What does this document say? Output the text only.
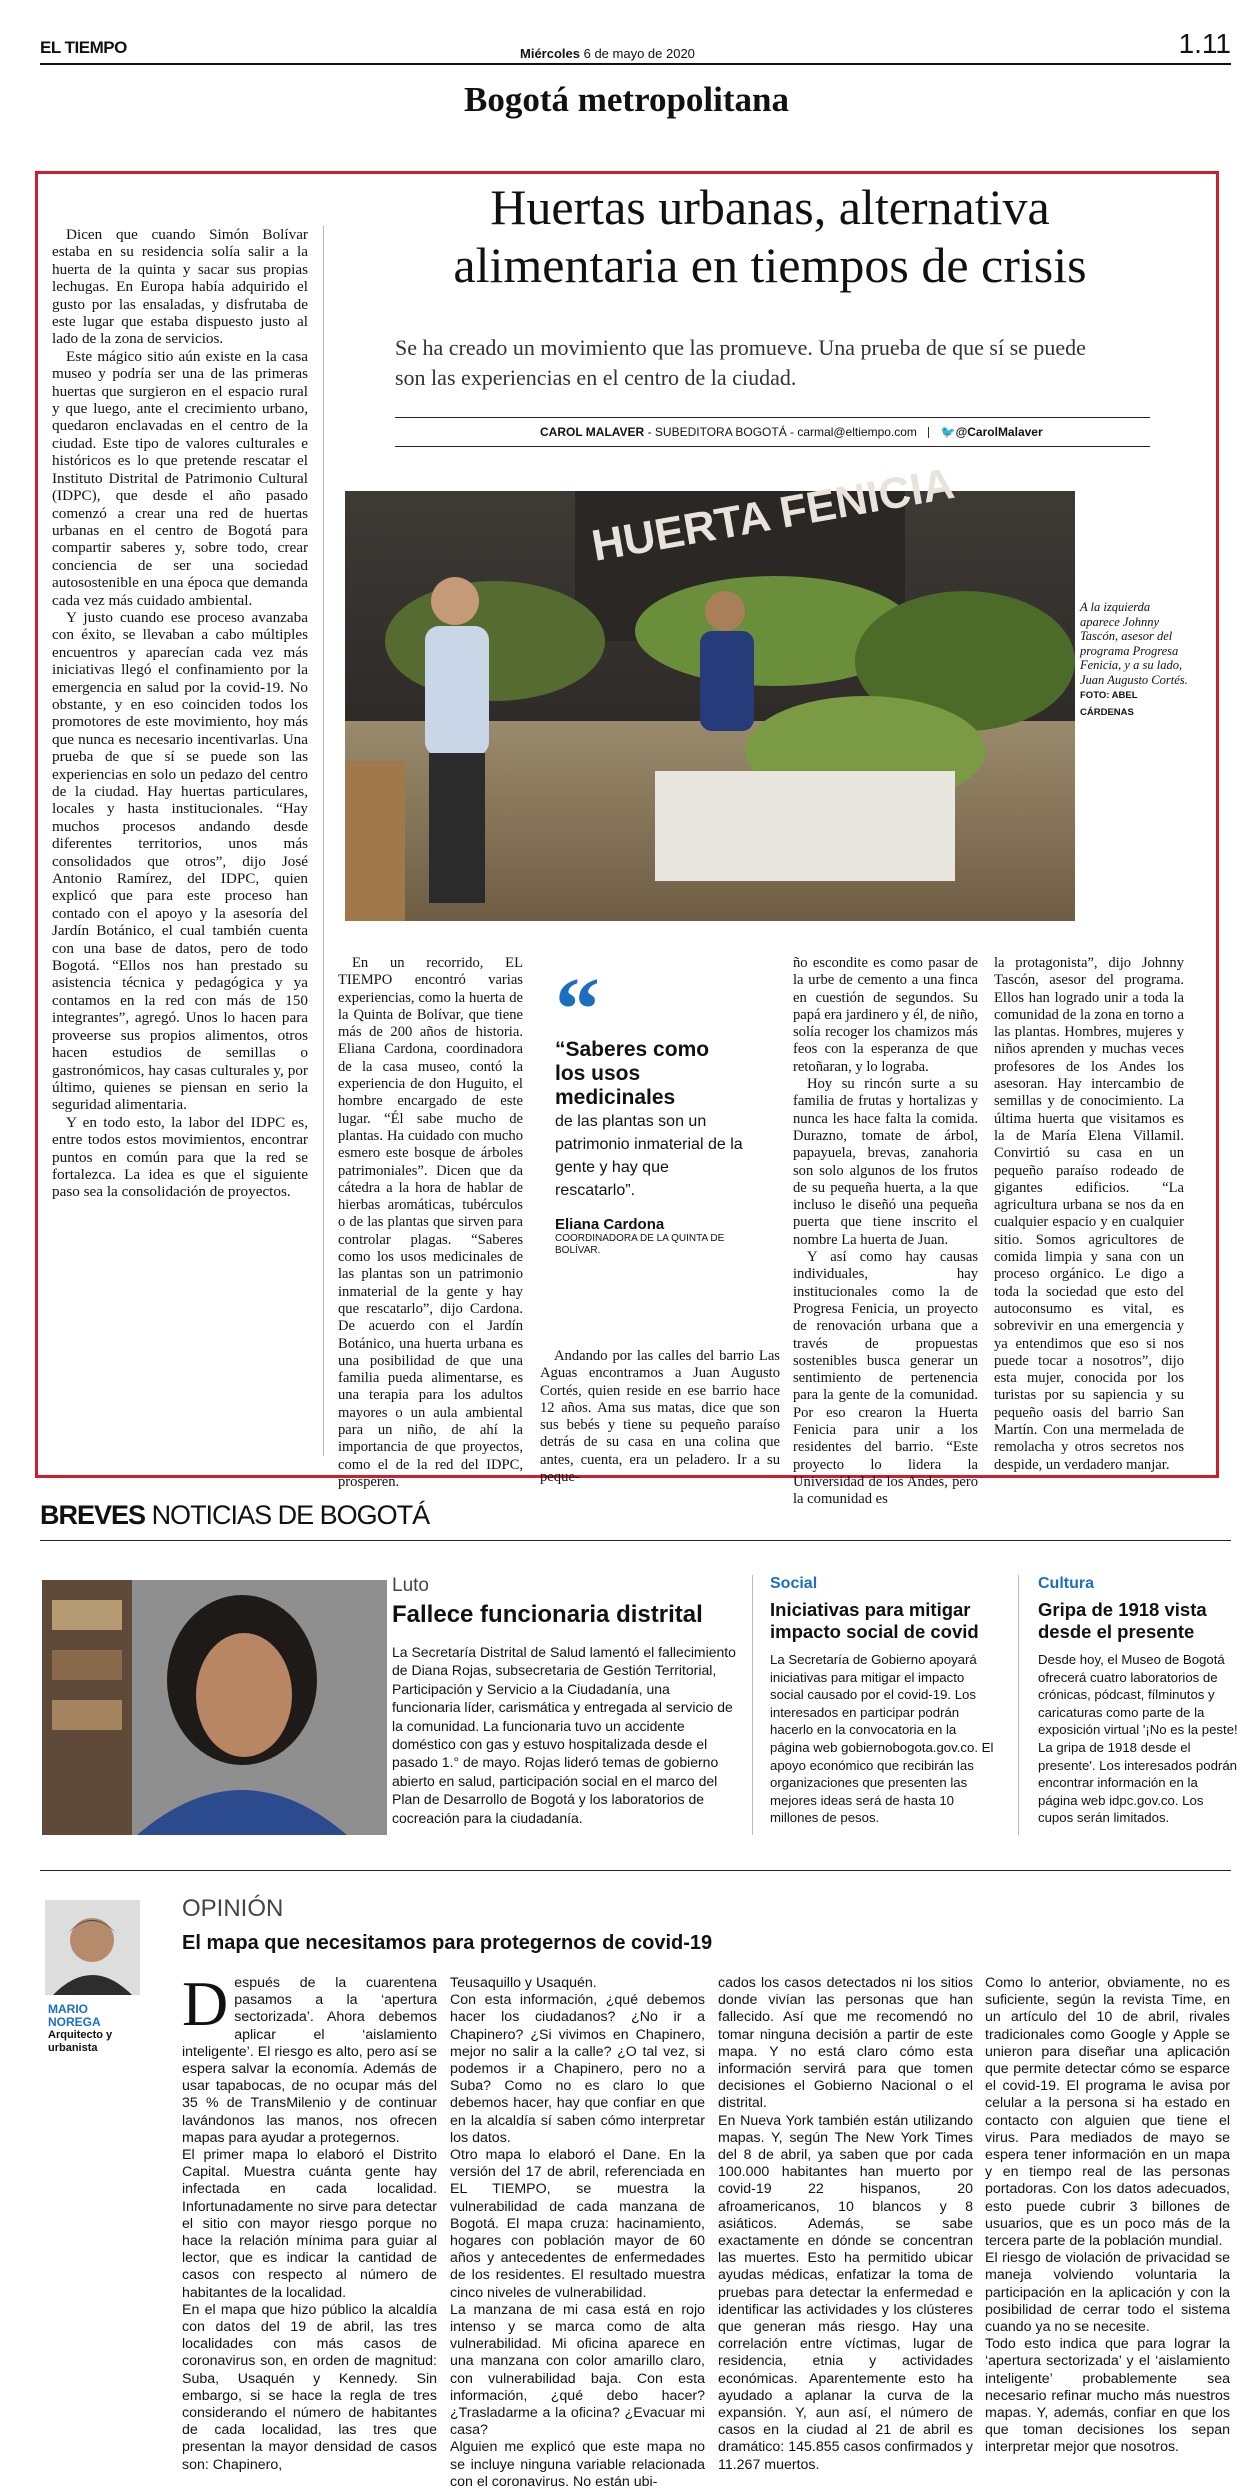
EL TIEMPO	Miércoles 6 de mayo de 2020	1.11
Bogotá metropolitana
Huertas urbanas, alternativa
alimentaria en tiempos de crisis
Se ha creado un movimiento que las promueve. Una prueba de que sí se puede son las experiencias en el centro de la ciudad.
CAROL MALAVER - SUBEDITORA BOGOTÁ - carmal@eltiempo.com 🐦@CarolMalaver
HUERTA FENICIA
A la izquierda aparece Johnny Tascón, asesor del programa Progresa Fenicia, y a su lado, Juan Augusto Cortés. FOTO: ABEL CÁRDENAS

Dicen que cuando Simón Bolívar estaba en su residencia solía salir a la huerta de la quinta y sacar sus propias lechugas. En Europa había adquirido el gusto por las ensaladas, y disfrutaba de este lugar que estaba dispuesto justo al lado de la zona de servicios.

Este mágico sitio aún existe en la casa museo y podría ser una de las primeras huertas que surgieron en el espacio rural y que luego, ante el crecimiento urbano, quedaron enclavadas en el centro de la ciudad. Este tipo de valores culturales e históricos es lo que pretende rescatar el Instituto Distrital de Patrimonio Cultural (IDPC), que desde el año pasado comenzó a crear una red de huertas urbanas en el centro de Bogotá para compartir saberes y, sobre todo, crear conciencia de ser una sociedad autosostenible en una época que demanda cada vez más cuidado ambiental.

Y justo cuando ese proceso avanzaba con éxito, se llevaban a cabo múltiples encuentros y aparecían cada vez más iniciativas llegó el confinamiento por la emergencia en salud por la covid-19. No obstante, y en eso coinciden todos los promotores de este movimiento, hoy más que nunca es necesario incentivarlas. Una prueba de que sí se puede son las experiencias en solo un pedazo del centro de la ciudad. Hay huertas particulares, locales y hasta institucionales. “Hay muchos procesos andando desde diferentes territorios, unos más consolidados que otros”, dijo José Antonio Ramírez, del IDPC, quien explicó que para este proceso han contado con el apoyo y la asesoría del Jardín Botánico, el cual también cuenta con una base de datos, pero de todo Bogotá. “Ellos nos han prestado su asistencia técnica y pedagógica y ya contamos en la red con más de 150 integrantes”, agregó. Unos lo hacen para proveerse sus propios alimentos, otros hacen estudios de semillas o gastronómicos, hay casas culturales y, por último, quienes se piensan en serio la seguridad alimentaria.

Y en todo esto, la labor del IDPC es, entre todos estos movimientos, encontrar puntos en común para que la red se fortalezca. La idea es que el siguiente paso sea la consolidación de proyectos.

En un recorrido, EL TIEMPO encontró varias experiencias, como la huerta de la Quinta de Bolívar, que tiene más de 200 años de historia. Eliana Cardona, coordinadora de la casa museo, contó la experiencia de don Huguito, el hombre encargado de este lugar. “Él sabe mucho de plantas. Ha cuidado con mucho esmero este bosque de árboles patrimoniales”. Dicen que da cátedra a la hora de hablar de hierbas aromáticas, tubérculos o de las plantas que sirven para controlar plagas. “Saberes como los usos medicinales de las plantas son un patrimonio inmaterial de la gente y hay que rescatarlo”, dijo Cardona. De acuerdo con el Jardín Botánico, una huerta urbana es una posibilidad de que una familia pueda alimentarse, es una terapia para los adultos mayores o un aula ambiental para un niño, de ahí la importancia de que proyectos, como el de la red del IDPC, prosperen.

“
“Saberes como los usos medicinales
de las plantas son un patrimonio inmaterial de la gente y hay que rescatarlo”.
Eliana Cardona
COORDINADORA DE LA QUINTA DE BOLÍVAR.

Andando por las calles del barrio Las Aguas encontramos a Juan Augusto Cortés, quien reside en ese barrio hace 12 años. Ama sus matas, dice que son sus bebés y tiene su pequeño paraíso detrás de su casa en una colina que antes, cuenta, era un peladero. Ir a su peque-

ño escondite es como pasar de la urbe de cemento a una finca en cuestión de segundos. Su papá era jardinero y él, de niño, solía recoger los chamizos más feos con la esperanza de que retoñaran, y lo lograba.

Hoy su rincón surte a su familia de frutas y hortalizas y nunca les hace falta la comida. Durazno, tomate de árbol, papayuela, brevas, zanahoria son solo algunos de los frutos de su pequeña huerta, a la que incluso le diseñó una pequeña puerta que tiene inscrito el nombre La huerta de Juan.

Y así como hay causas individuales, hay institucionales como la de Progresa Fenicia, un proyecto de renovación urbana que a través de propuestas sostenibles busca generar un sentimiento de pertenencia para la gente de la comunidad. Por eso crearon la Huerta Fenicia para unir a los residentes del barrio. “Este proyecto lo lidera la Universidad de los Andes, pero la comunidad es

la protagonista”, dijo Johnny Tascón, asesor del programa. Ellos han logrado unir a toda la comunidad de la zona en torno a las plantas. Hombres, mujeres y niños aprenden y muchas veces profesores de los Andes los asesoran. Hay intercambio de semillas y de conocimiento. La última huerta que visitamos es la de María Elena Villamil. Convirtió su casa en un pequeño paraíso rodeado de gigantes edificios. “La agricultura urbana se nos da en cualquier espacio y en cualquier sitio. Somos agricultores de comida limpia y sana con un proceso orgánico. Le digo a toda la sociedad que esto del autoconsumo es vital, es sobrevivir en una emergencia y ya entendimos que eso si nos puede tocar a nosotros”, dijo esta mujer, conocida por los turistas por su sapiencia y su pequeño oasis del barrio San Martín. Con una mermelada de remolacha y otros secretos nos despide, un verdadero manjar.

BREVES NOTICIAS DE BOGOTÁ
Luto
Fallece funcionaria distrital
La Secretaría Distrital de Salud lamentó el fallecimiento de Diana Rojas, subsecretaria de Gestión Territorial, Participación y Servicio a la Ciudadanía, una funcionaria líder, carismática y entregada al servicio de la comunidad. La funcionaria tuvo un accidente doméstico con gas y estuvo hospitalizada desde el pasado 1.° de mayo. Rojas lideró temas de gobierno abierto en salud, participación social en el marco del Plan de Desarrollo de Bogotá y los laboratorios de cocreación para la ciudadanía.
Social
Iniciativas para mitigar impacto social de covid
La Secretaría de Gobierno apoyará iniciativas para mitigar el impacto social causado por el covid-19. Los interesados en participar podrán hacerlo en la convocatoria en la página web gobiernobogota.gov.co. El apoyo económico que recibirán las organizaciones que presenten las mejores ideas será de hasta 10 millones de pesos.
Cultura
Gripa de 1918 vista desde el presente
Desde hoy, el Museo de Bogotá ofrecerá cuatro laboratorios de crónicas, pódcast, fílminutos y caricaturas como parte de la exposición virtual '¡No es la peste! La gripa de 1918 desde el presente'. Los interesados podrán encontrar información en la página web idpc.gov.co. Los cupos serán limitados.
MARIO
NOREGA
Arquitecto y urbanista
OPINIÓN
El mapa que necesitamos para protegernos de covid-19

Después de la cuarentena pasamos a la ‘apertura sectorizada’. Ahora debemos aplicar el ‘aislamiento inteligente’. El riesgo es alto, pero así se espera salvar la economía. Además de usar tapabocas, de no ocupar más del 35 % de TransMilenio y de continuar lavándonos las manos, nos ofrecen mapas para ayudar a protegernos.

El primer mapa lo elaboró el Distrito Capital. Muestra cuánta gente hay infectada en cada localidad. Infortunadamente no sirve para detectar el sitio con mayor riesgo porque no hace la relación mínima para guiar al lector, que es indicar la cantidad de casos con respecto al número de habitantes de la localidad.

En el mapa que hizo público la alcaldía con datos del 19 de abril, las tres localidades con más casos de coronavirus son, en orden de magnitud: Suba, Usaquén y Kennedy. Sin embargo, si se hace la regla de tres considerando el número de habitantes de cada localidad, las tres que presentan la mayor densidad de casos son: Chapinero,

Teusaquillo y Usaquén.

Con esta información, ¿qué debemos hacer los ciudadanos? ¿No ir a Chapinero? ¿Si vivimos en Chapinero, mejor no salir a la calle? ¿O tal vez, si podemos ir a Chapinero, pero no a Suba? Como no es claro lo que debemos hacer, hay que confiar en que en la alcaldía sí saben cómo interpretar los datos.

Otro mapa lo elaboró el Dane. En la versión del 17 de abril, referenciada en EL TIEMPO, se muestra la vulnerabilidad de cada manzana de Bogotá. El mapa cruza: hacinamiento, hogares con población mayor de 60 años y antecedentes de enfermedades de los residentes. El resultado muestra cinco niveles de vulnerabilidad.

La manzana de mi casa está en rojo intenso y se marca como de alta vulnerabilidad. Mi oficina aparece en una manzana con color amarillo claro, con vulnerabilidad baja. Con esta información, ¿qué debo hacer? ¿Trasladarme a la oficina? ¿Evacuar mi casa?

Alguien me explicó que este mapa no se incluye ninguna variable relacionada con el coronavirus. No están ubi-

cados los casos detectados ni los sitios donde vivían las personas que han fallecido. Así que me recomendó no tomar ninguna decisión a partir de este mapa. Y no está claro cómo esta información servirá para que tomen decisiones el Gobierno Nacional o el distrital.

En Nueva York también están utilizando mapas. Y, según The New York Times del 8 de abril, ya saben que por cada 100.000 habitantes han muerto por covid-19 22 hispanos, 20 afroamericanos, 10 blancos y 8 asiáticos. Además, se sabe exactamente en dónde se concentran las muertes. Esto ha permitido ubicar ayudas médicas, enfatizar la toma de pruebas para detectar la enfermedad e identificar las actividades y los clústeres que generan más riesgo. Hay una correlación entre víctimas, lugar de residencia, etnia y actividades económicas. Aparentemente esto ha ayudado a aplanar la curva de la expansión. Y, aun así, el número de casos en la ciudad al 21 de abril es dramático: 145.855 casos confirmados y 11.267 muertos.

Como lo anterior, obviamente, no es suficiente, según la revista Time, en un artículo del 10 de abril, rivales tradicionales como Google y Apple se unieron para diseñar una aplicación que permite detectar cómo se esparce el covid-19. El programa le avisa por celular a la persona si ha estado en contacto con alguien que tiene el virus. Para mediados de mayo se espera tener información en un mapa y en tiempo real de las personas portadoras. Con los datos adecuados, esto puede cubrir 3 billones de usuarios, que es un poco más de la tercera parte de la población mundial.

El riesgo de violación de privacidad se maneja volviendo voluntaria la participación en la aplicación y con la posibilidad de cerrar todo el sistema cuando ya no se necesite.

Todo esto indica que para lograr la ‘apertura sectorizada’ y el ‘aislamiento inteligente’ probablemente sea necesario refinar mucho más nuestros mapas. Y, además, confiar en que los que toman decisiones los sepan interpretar mejor que nosotros.
